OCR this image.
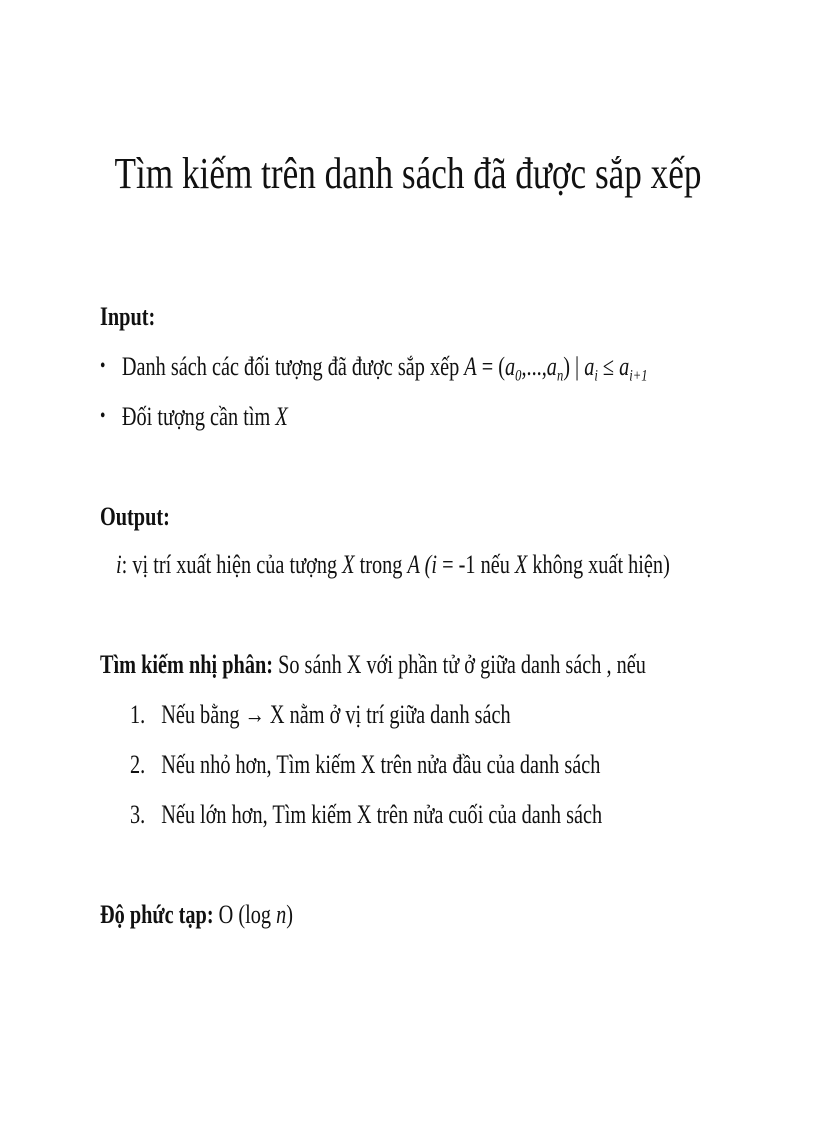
Tìm kiếm trên danh sách đã được sắp xếp
Input:
• Danh sách các đối tượng đã được sắp xếp $A = (a_0,...,a_n)$ | $a_i \le a_{i+1}$
• Đối tượng cần tìm X
Output:
i: vị trí xuất hiện của tượng X trong A (i = -1 nếu X không xuất hiện)
Tìm kiếm nhị phân: So sánh X với phần tử ở giữa danh sách , nếu
1. Nếu bằng → X nằm ở vị trí giữa danh sách
2. Nếu nhỏ hơn, Tìm kiếm X trên nửa đầu của danh sách
3. Nếu lớn hơn, Tìm kiếm X trên nửa cuối của danh sách
Độ phức tạp: O (log n)
